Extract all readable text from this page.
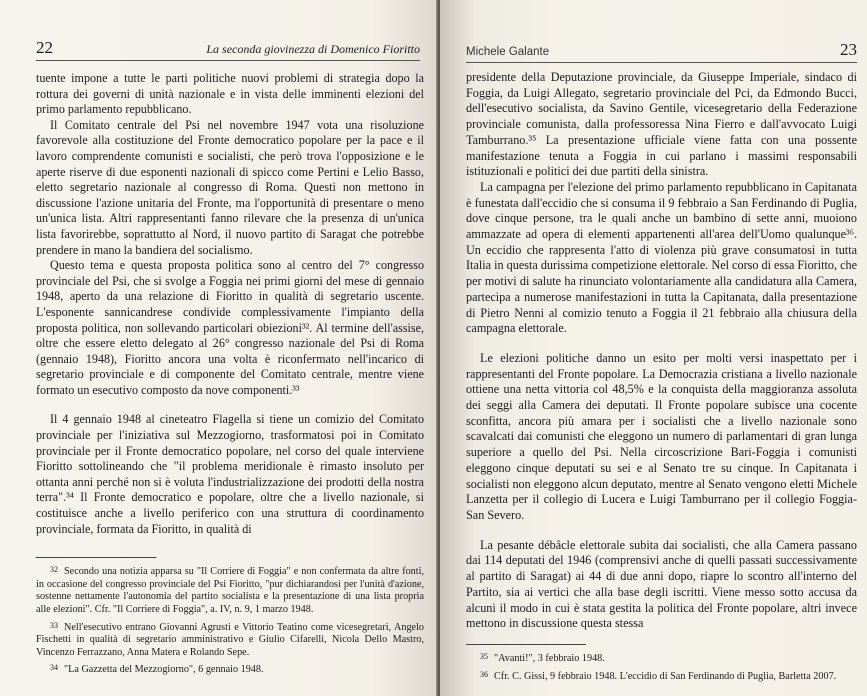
22	La seconda giovinezza di Domenico Fioritto

tuente impone a tutte le parti politiche nuovi problemi di strategia dopo la rottura dei governi di unità nazionale e in vista delle imminenti elezioni del primo parlamento repubblicano.

Il Comitato centrale del Psi nel novembre 1947 vota una risoluzione favorevole alla costituzione del Fronte democratico popolare per la pace e il lavoro comprendente comunisti e socialisti, che però trova l'opposizione e le aperte riserve di due esponenti nazionali di spicco come Pertini e Lelio Basso, eletto segretario nazionale al congresso di Roma. Questi non mettono in discussione l'azione unitaria del Fronte, ma l'opportunità di presentare o meno un'unica lista. Altri rappresentanti fanno rilevare che la presenza di un'unica lista favorirebbe, soprattutto al Nord, il nuovo partito di Saragat che potrebbe prendere in mano la bandiera del socialismo.

Questo tema e questa proposta politica sono al centro del 7° congresso provinciale del Psi, che si svolge a Foggia nei primi giorni del mese di gennaio 1948, aperto da una relazione di Fioritto in qualità di segretario uscente. L'esponente sannicandrese condivide complessivamente l'impianto della proposta politica, non sollevando particolari obiezioni³². Al termine dell'assise, oltre che essere eletto delegato al 26° congresso nazionale del Psi di Roma (gennaio 1948), Fioritto ancora una volta è riconfermato nell'incarico di segretario provinciale e di componente del Comitato centrale, mentre viene formato un esecutivo composto da nove componenti.³³

Il 4 gennaio 1948 al cineteatro Flagella si tiene un comizio del Comitato provinciale per l'iniziativa sul Mezzogiorno, trasformatosi poi in Comitato provinciale per il Fronte democratico popolare, nel corso del quale interviene Fioritto sottolineando che "il problema meridionale è rimasto insoluto per ottanta anni perché non si è voluta l'industrializzazione dei prodotti della nostra terra".³⁴ Il Fronte democratico e popolare, oltre che a livello nazionale, si costituisce anche a livello periferico con una struttura di coordinamento provinciale, formata da Fioritto, in qualità di

32 Secondo una notizia apparsa su "Il Corriere di Foggia" e non confermata da altre fonti, in occasione del congresso provinciale del Psi Fioritto, "pur dichiarandosi per l'unità d'azione, sostenne nettamente l'autonomia del partito socialista e la presentazione di una lista propria alle elezioni". Cfr. "Il Corriere di Foggia", a. IV, n. 9, 1 marzo 1948.

33 Nell'esecutivo entrano Giovanni Agrusti e Vittorio Teatino come vicesegretari, Angelo Fischetti in qualità di segretario amministrativo e Giulio Cifarelli, Nicola Dello Mastro, Vincenzo Ferrazzano, Anna Matera e Rolando Sepe.

34 "La Gazzetta del Mezzogiorno", 6 gennaio 1948.

Michele Galante	23

presidente della Deputazione provinciale, da Giuseppe Imperiale, sindaco di Foggia, da Luigi Allegato, segretario provinciale del Pci, da Edmondo Bucci, dell'esecutivo socialista, da Savino Gentile, vicesegretario della Federazione provinciale comunista, dalla professoressa Nina Fierro e dall'avvocato Luigi Tamburrano.³⁵ La presentazione ufficiale viene fatta con una possente manifestazione tenuta a Foggia in cui parlano i massimi responsabili istituzionali e politici dei due partiti della sinistra.

La campagna per l'elezione del primo parlamento repubblicano in Capitanata è funestata dall'eccidio che si consuma il 9 febbraio a San Ferdinando di Puglia, dove cinque persone, tra le quali anche un bambino di sette anni, muoiono ammazzate ad opera di elementi appartenenti all'area dell'Uomo qualunque³⁶. Un eccidio che rappresenta l'atto di violenza più grave consumatosi in tutta Italia in questa durissima competizione elettorale. Nel corso di essa Fioritto, che per motivi di salute ha rinunciato volontariamente alla candidatura alla Camera, partecipa a numerose manifestazioni in tutta la Capitanata, dalla presentazione di Pietro Nenni al comizio tenuto a Foggia il 21 febbraio alla chiusura della campagna elettorale.

Le elezioni politiche danno un esito per molti versi inaspettato per i rappresentanti del Fronte popolare. La Democrazia cristiana a livello nazionale ottiene una netta vittoria col 48,5% e la conquista della maggioranza assoluta dei seggi alla Camera dei deputati. Il Fronte popolare subisce una cocente sconfitta, ancora più amara per i socialisti che a livello nazionale sono scavalcati dai comunisti che eleggono un numero di parlamentari di gran lunga superiore a quello del Psi. Nella circoscrizione Bari-Foggia i comunisti eleggono cinque deputati su sei e al Senato tre su cinque. In Capitanata i socialisti non eleggono alcun deputato, mentre al Senato vengono eletti Michele Lanzetta per il collegio di Lucera e Luigi Tamburrano per il collegio Foggia-San Severo.

La pesante débâcle elettorale subita dai socialisti, che alla Camera passano dai 114 deputati del 1946 (comprensivi anche di quelli passati successivamente al partito di Saragat) ai 44 di due anni dopo, riapre lo scontro all'interno del Partito, sia ai vertici che alla base degli iscritti. Viene messo sotto accusa da alcuni il modo in cui è stata gestita la politica del Fronte popolare, altri invece mettono in discussione questa stessa

35 "Avanti!", 3 febbraio 1948.

36 Cfr. C. Gissi, 9 febbraio 1948. L'eccidio di San Ferdinando di Puglia, Barletta 2007.
